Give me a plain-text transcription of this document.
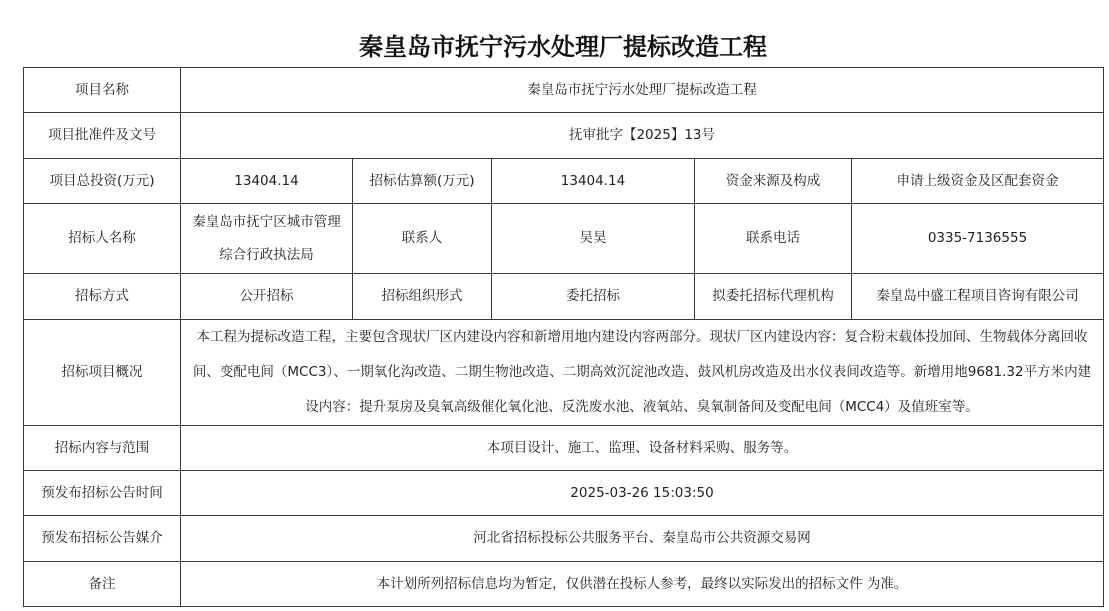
秦皇岛市抚宁污水处理厂提标改造工程
项目名称	秦皇岛市抚宁污水处理厂提标改造工程				
项目批准件及文号	抚审批字【2025】13号				
项目总投资(万元)	13404.14	招标估算额(万元)	13404.14	资金来源及构成	申请上级资金及区配套资金
招标人名称	秦皇岛市抚宁区城市管理综合行政执法局	联系人	吴昊	联系电话	0335-7136555
招标方式	公开招标	招标组织形式	委托招标	拟委托招标代理机构	秦皇岛中盛工程项目咨询有限公司
招标项目概况	本工程为提标改造工程，主要包含现状厂区内建设内容和新增用地内建设内容两部分。现状厂区内建设内容：复合粉末载体投加间、生物载体分离回收间、变配电间（MCC3）、一期氧化沟改造、二期生物池改造、二期高效沉淀池改造、鼓风机房改造及出水仪表间改造等。新增用地9681.32平方米内建设内容：提升泵房及臭氧高级催化氧化池、反洗废水池、液氧站、臭氧制备间及变配电间（MCC4）及值班室等。				
招标内容与范围	本项目设计、施工、监理、设备材料采购、服务等。				
预发布招标公告时间	2025-03-26 15:03:50				
预发布招标公告媒介	河北省招标投标公共服务平台、秦皇岛市公共资源交易网				
备注	本计划所列招标信息均为暂定，仅供潜在投标人参考，最终以实际发出的招标文件 为准。				
